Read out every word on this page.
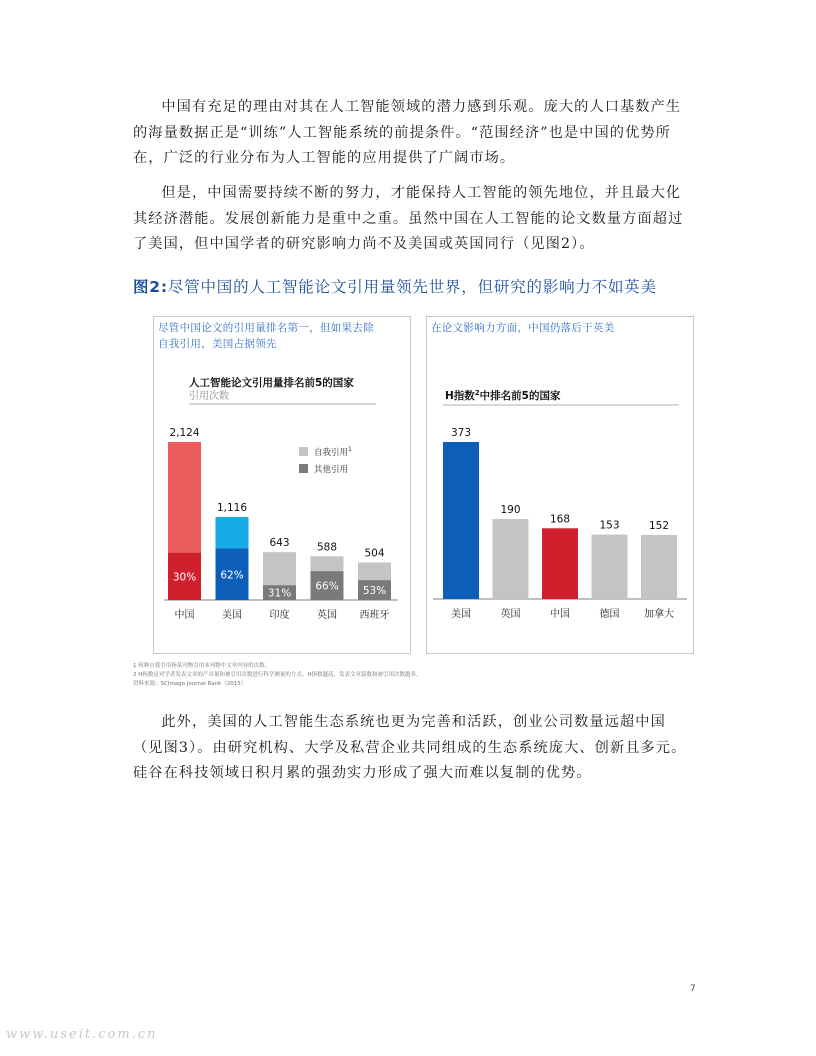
中国有充足的理由对其在人工智能领域的潜力感到乐观。庞大的人口基数产生的海量数据正是“训练”人工智能系统的前提条件。“范围经济”也是中国的优势所在，广泛的行业分布为人工智能的应用提供了广阔市场。

但是，中国需要持续不断的努力，才能保持人工智能的领先地位，并且最大化其经济潜能。发展创新能力是重中之重。虽然中国在人工智能的论文数量方面超过了美国，但中国学者的研究影响力尚不及美国或英国同行（见图2）。

图2:尽管中国的人工智能论文引用量领先世界，但研究的影响力不如英美
尽管中国论文的引用量排名第一，但如果去除
自我引用，美国占据领先
人工智能论文引用量排名前5的国家
引用次数
2,124
30%
中国
1,116
62%
美国
643
31%
印度
588
66%
英国
504
53%
西班牙
自我引用$^1$
其他引用
在论文影响力方面，中国仍落后于英美
H指数$^2$中排名前5的国家
373
美国
190
英国
168
中国
153
德国
152
加拿大
1 何种自我引用指某刊物引用本刊物中文章内容的次数。
2 H指数是对学者发表文章的产出量和被引用次数进行科学测量的方式。H指数越高，发表文章篇数和被引用次数越多。
资料来源：SCImago Journal Rank（2015）

此外，美国的人工智能生态系统也更为完善和活跃，创业公司数量远超中国（见图3）。由研究机构、大学及私营企业共同组成的生态系统庞大、创新且多元。硅谷在科技领域日积月累的强劲实力形成了强大而难以复制的优势。

7
www.useit.com.cn
